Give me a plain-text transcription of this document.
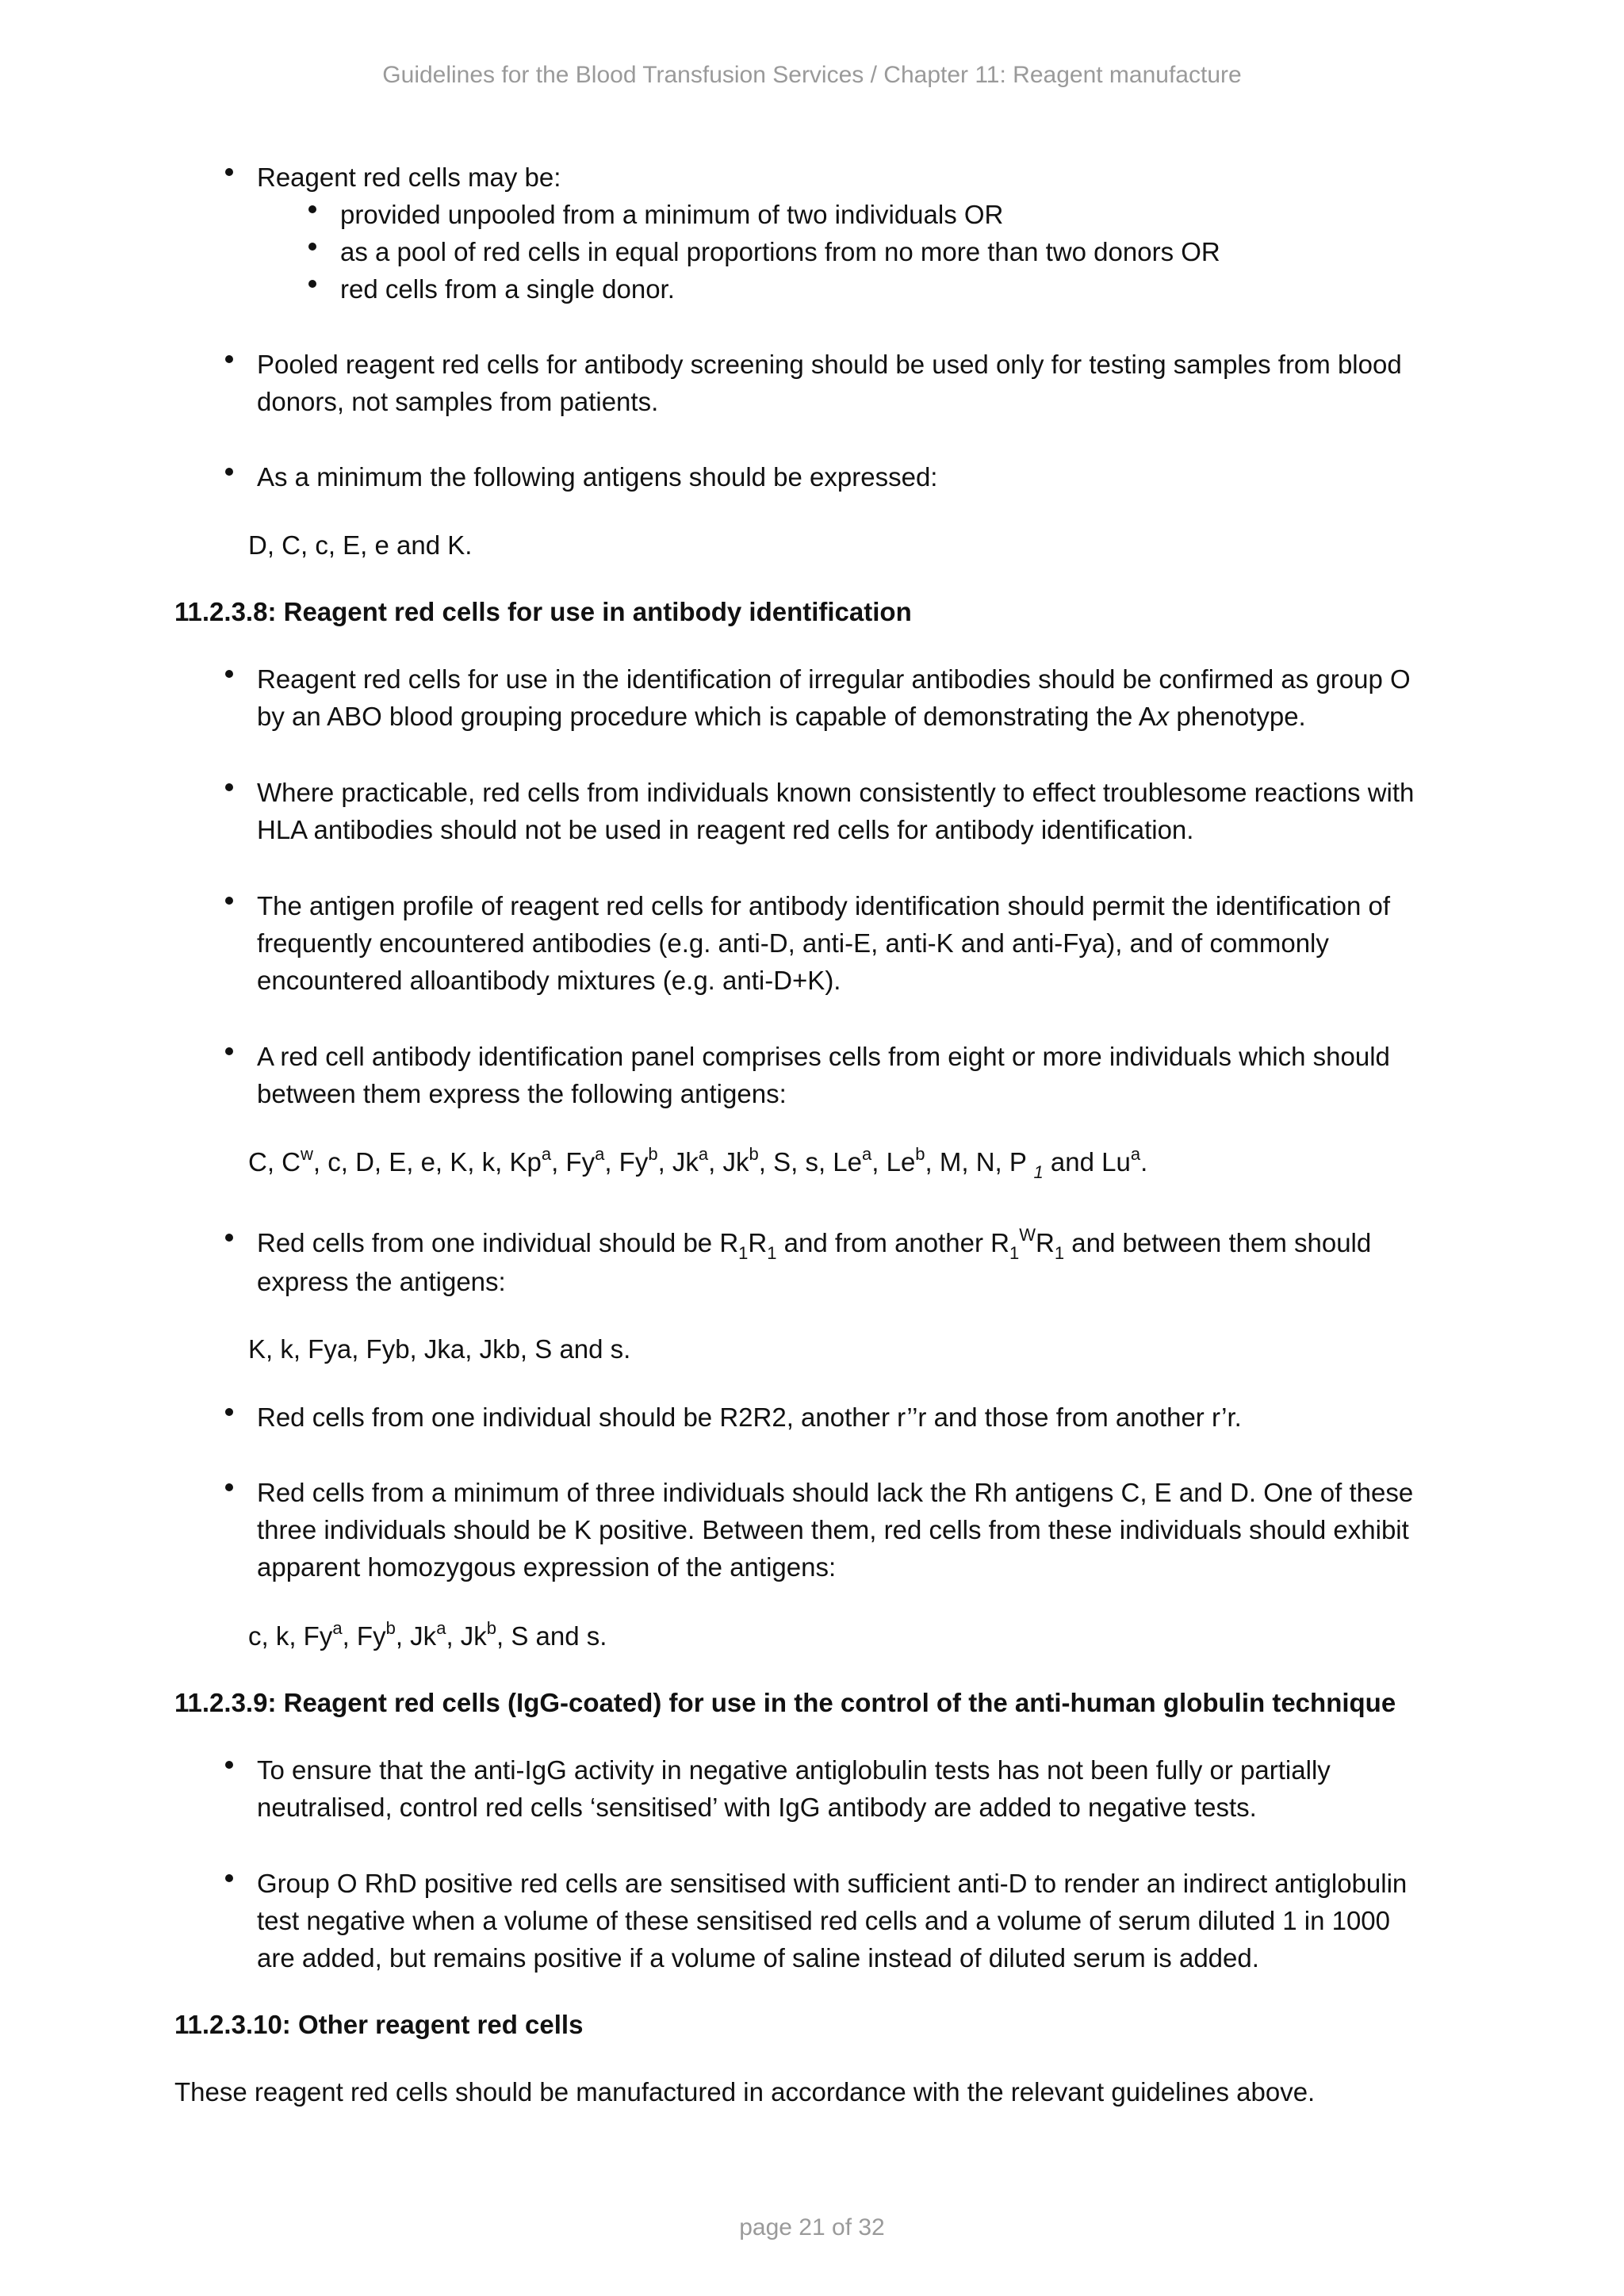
Guidelines for the Blood Transfusion Services / Chapter 11: Reagent manufacture
Reagent red cells may be:
provided unpooled from a minimum of two individuals OR
as a pool of red cells in equal proportions from no more than two donors OR
red cells from a single donor.
Pooled reagent red cells for antibody screening should be used only for testing samples from blood
donors, not samples from patients.
As a minimum the following antigens should be expressed:
D, C, c, E, e and K.
11.2.3.8: Reagent red cells for use in antibody identification
Reagent red cells for use in the identification of irregular antibodies should be confirmed as group O
by an ABO blood grouping procedure which is capable of demonstrating the Ax phenotype.
Where practicable, red cells from individuals known consistently to effect troublesome reactions with
HLA antibodies should not be used in reagent red cells for antibody identification.
The antigen profile of reagent red cells for antibody identification should permit the identification of
frequently encountered antibodies (e.g. anti-D, anti-E, anti-K and anti-Fya), and of commonly
encountered alloantibody mixtures (e.g. anti-D+K).
A red cell antibody identification panel comprises cells from eight or more individuals which should
between them express the following antigens:
C, $C^w$, c, D, E, e, K, k, Kp$^a$, Fy$^a$, Fy$^b$, Jk$^a$, Jk$^b$, S, s, Le$^a$, Le$^b$, M, N, P $_1$ and Lu$^a$.
Red cells from one individual should be $R_1R_1$ and from another $R_1^WR_1$ and between them should
express the antigens:
K, k, Fya, Fyb, Jka, Jkb, S and s.
Red cells from one individual should be R2R2, another r’’r and those from another r’r.
Red cells from a minimum of three individuals should lack the Rh antigens C, E and D. One of these
three individuals should be K positive. Between them, red cells from these individuals should exhibit
apparent homozygous expression of the antigens:
c, k, Fy$^a$, Fy$^b$, Jk$^a$, Jk$^b$, S and s.
11.2.3.9: Reagent red cells (IgG-coated) for use in the control of the anti-human globulin technique
To ensure that the anti-IgG activity in negative antiglobulin tests has not been fully or partially
neutralised, control red cells ‘sensitised’ with IgG antibody are added to negative tests.
Group O RhD positive red cells are sensitised with sufficient anti-D to render an indirect antiglobulin
test negative when a volume of these sensitised red cells and a volume of serum diluted 1 in 1000
are added, but remains positive if a volume of saline instead of diluted serum is added.
11.2.3.10: Other reagent red cells
These reagent red cells should be manufactured in accordance with the relevant guidelines above.
page 21 of 32
